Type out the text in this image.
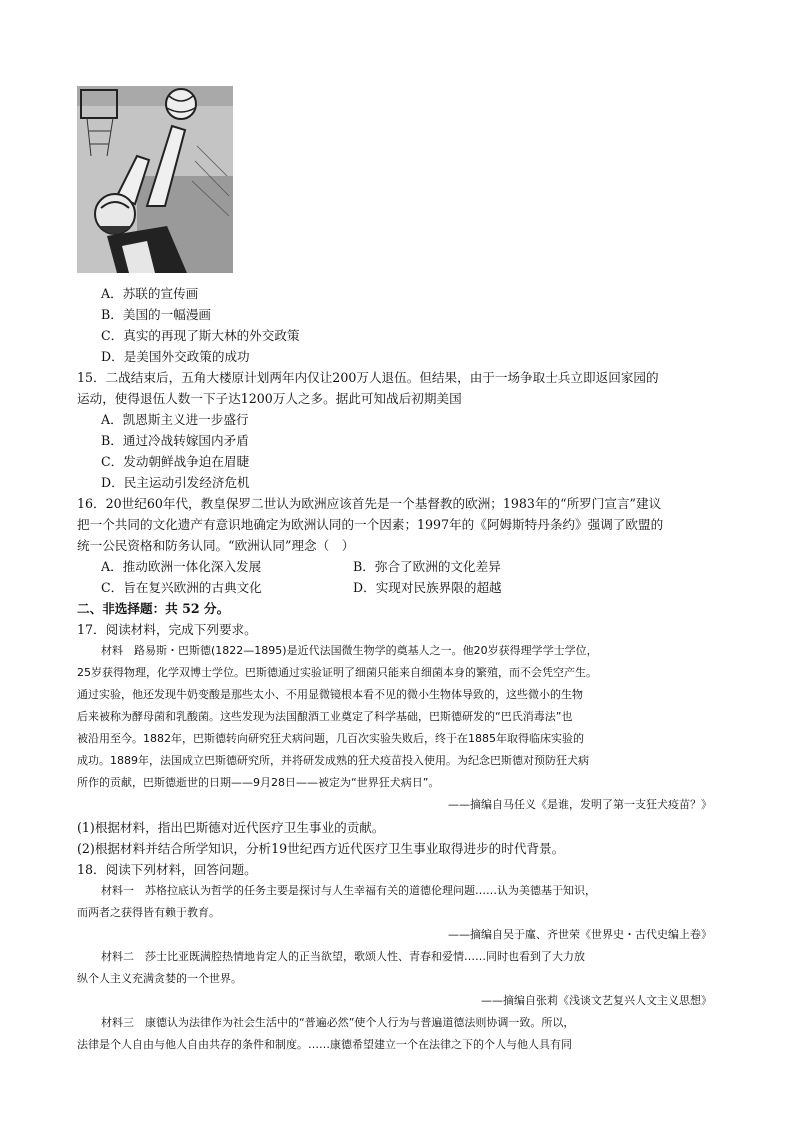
A．苏联的宣传画
B．美国的一幅漫画
C．真实的再现了斯大林的外交政策
D．是美国外交政策的成功
15．二战结束后，五角大楼原计划两年内仅让200万人退伍。但结果，由于一场争取士兵立即返回家园的
运动，使得退伍人数一下子达1200万人之多。据此可知战后初期美国
A．凯恩斯主义进一步盛行
B．通过冷战转嫁国内矛盾
C．发动朝鲜战争迫在眉睫
D．民主运动引发经济危机
16．20世纪60年代，教皇保罗二世认为欧洲应该首先是一个基督教的欧洲；1983年的“所罗门宣言”建议
把一个共同的文化遗产有意识地确定为欧洲认同的一个因素；1997年的《阿姆斯特丹条约》强调了欧盟的
统一公民资格和防务认同。“欧洲认同”理念（　）
A．推动欧洲一体化深入发展	B．弥合了欧洲的文化差异
C．旨在复兴欧洲的古典文化	D．实现对民族界限的超越
二、非选择题：共 52 分。
17．阅读材料，完成下列要求。
材料　路易斯・巴斯德(1822—1895)是近代法国微生物学的奠基人之一。他20岁获得理学学士学位，
25岁获得物理，化学双博士学位。巴斯德通过实验证明了细菌只能来自细菌本身的繁殖，而不会凭空产生。
通过实验，他还发现牛奶变酸是那些太小、不用显微镜根本看不见的微小生物体导致的，这些微小的生物
后来被称为酵母菌和乳酸菌。这些发现为法国酿酒工业奠定了科学基础，巴斯德研发的“巴氏消毒法”也
被沿用至今。1882年，巴斯德转向研究狂犬病问题，几百次实验失败后，终于在1885年取得临床实验的
成功。1889年，法国成立巴斯德研究所，并将研发成熟的狂犬疫苗投入使用。为纪念巴斯德对预防狂犬病
所作的贡献，巴斯德逝世的日期——9月28日——被定为“世界狂犬病日”。
——摘编自马任义《是谁，发明了第一支狂犬疫苗？》
(1)根据材料，指出巴斯德对近代医疗卫生事业的贡献。
(2)根据材料并结合所学知识，分析19世纪西方近代医疗卫生事业取得进步的时代背景。
18．阅读下列材料，回答问题。
材料一　苏格拉底认为哲学的任务主要是探讨与人生幸福有关的道德伦理问题……认为美德基于知识，
而两者之获得皆有赖于教育。
——摘编自吴于廑、齐世荣《世界史・古代史编上卷》
材料二　莎士比亚既满腔热情地肯定人的正当欲望，歌颂人性、青春和爱情……同时也看到了大力放
纵个人主义充满贪婪的一个世界。
——摘编自张莉《浅谈文艺复兴人文主义思想》
材料三　康德认为法律作为社会生活中的“普遍必然”使个人行为与普遍道德法则协调一致。所以，
法律是个人自由与他人自由共存的条件和制度。……康德希望建立一个在法律之下的个人与他人具有同
